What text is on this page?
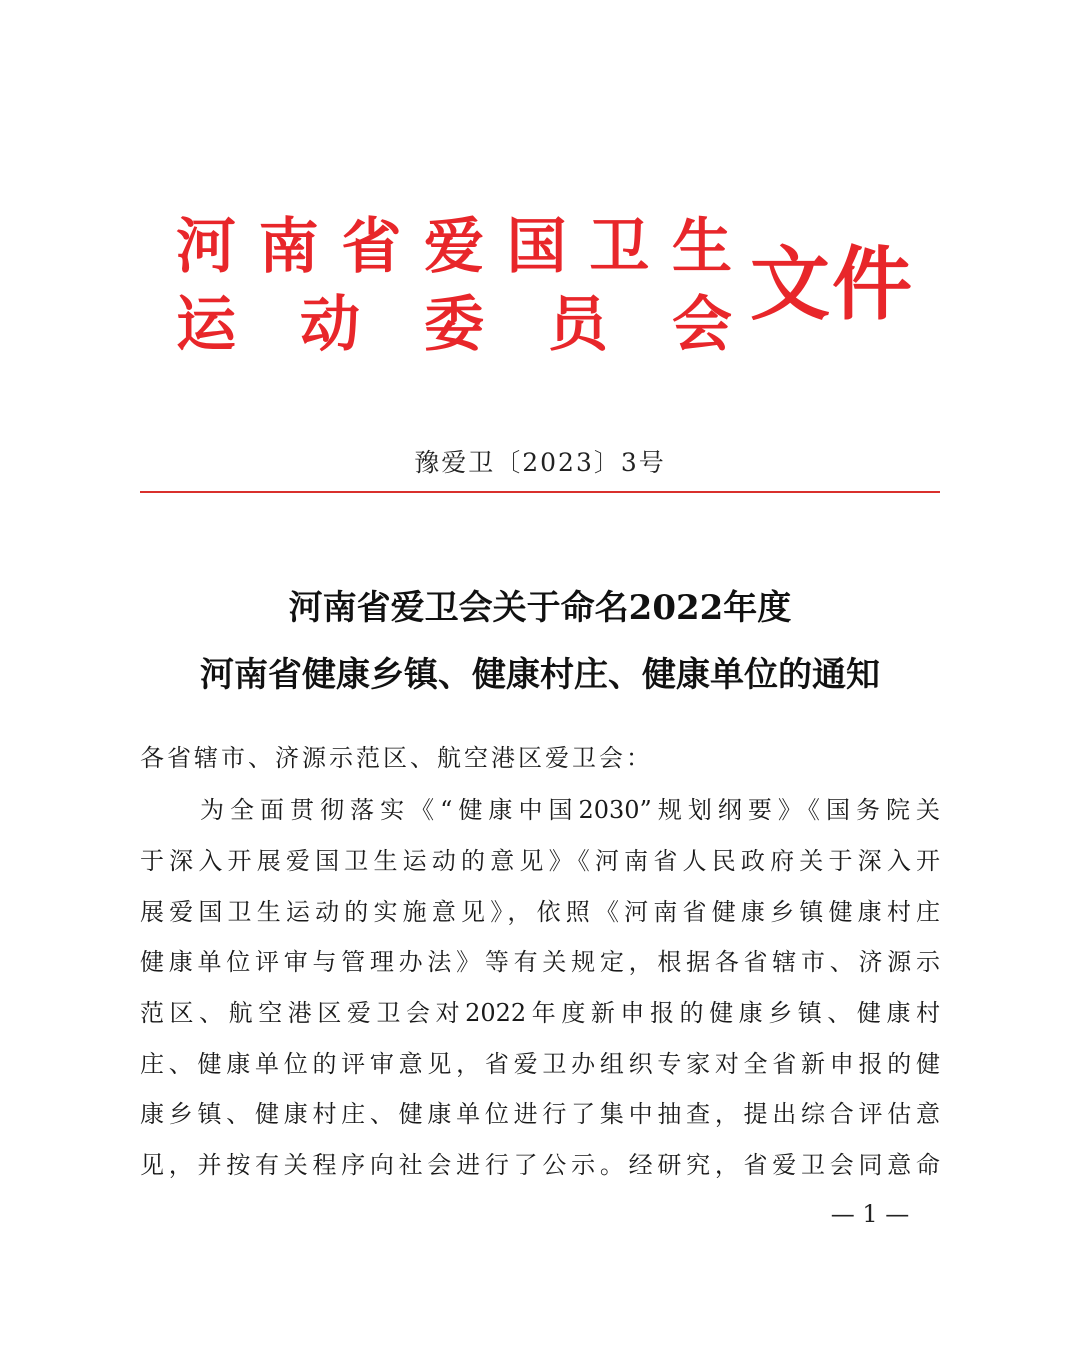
河 南 省 爱 国 卫 生
运 动 委 员 会 文件
豫爱卫〔2023〕3号
河南省爱卫会关于命名2022年度
河南省健康乡镇、健康村庄、健康单位的通知
各省辖市、济源示范区、航空港区爱卫会：
为全面贯彻落实《“健康中国2030”规划纲要》《国务院关
于深入开展爱国卫生运动的意见》《河南省人民政府关于深入开
展爱国卫生运动的实施意见》，依照《河南省健康乡镇健康村庄
健康单位评审与管理办法》等有关规定，根据各省辖市、济源示
范区、航空港区爱卫会对2022年度新申报的健康乡镇、健康村
庄、健康单位的评审意见，省爱卫办组织专家对全省新申报的健
康乡镇、健康村庄、健康单位进行了集中抽查，提出综合评估意
见，并按有关程序向社会进行了公示。经研究，省爱卫会同意命
— 1 —
